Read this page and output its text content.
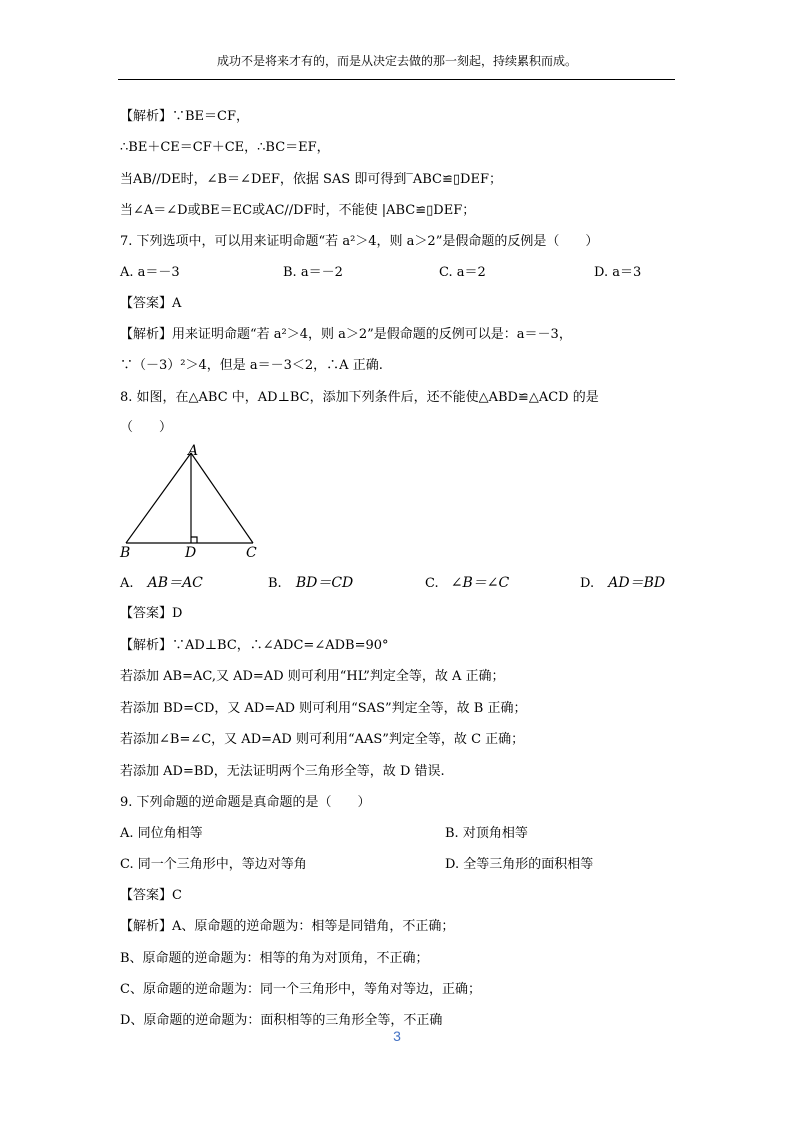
成功不是将来才有的，而是从决定去做的那一刻起，持续累积而成。
【解析】∵BE＝CF，
∴BE＋CE＝CF＋CE，∴BC＝EF，
当AB//DE时，∠B＝∠DEF，依据 SAS 即可得到‾ABC≌▯DEF；
当∠A＝∠D或BE＝EC或AC//DF时，不能使 |ABC≌▯DEF；
7. 下列选项中，可以用来证明命题“若 a²＞4，则 a＞2”是假命题的反例是（　　）
A. a＝－3	B. a＝－2	C. a＝2	D. a＝3
【答案】A
【解析】用来证明命题“若 a²＞4，则 a＞2”是假命题的反例可以是：a＝－3，
∵（－3）²＞4，但是 a＝－3＜2，∴A 正确.
8. 如图，在△ABC 中，AD⊥BC，添加下列条件后，还不能使△ABD≌△ACD 的是
（　　）
A
B	D	C
A. AB＝AC	B. BD＝CD	C. ∠B＝∠C	D. AD＝BD
【答案】D
【解析】∵AD⊥BC，∴∠ADC=∠ADB=90°
若添加 AB=AC,又 AD=AD 则可利用“HL”判定全等，故 A 正确；
若添加 BD=CD，又 AD=AD 则可利用“SAS”判定全等，故 B 正确；
若添加∠B=∠C，又 AD=AD 则可利用“AAS”判定全等，故 C 正确；
若添加 AD=BD，无法证明两个三角形全等，故 D 错误.
9. 下列命题的逆命题是真命题的是（　　）
A. 同位角相等	B. 对顶角相等
C. 同一个三角形中，等边对等角	D. 全等三角形的面积相等
【答案】C
【解析】A、原命题的逆命题为：相等是同错角，不正确；
B、原命题的逆命题为：相等的角为对顶角，不正确；
C、原命题的逆命题为：同一个三角形中，等角对等边，正确；
D、原命题的逆命题为：面积相等的三角形全等，不正确
3
